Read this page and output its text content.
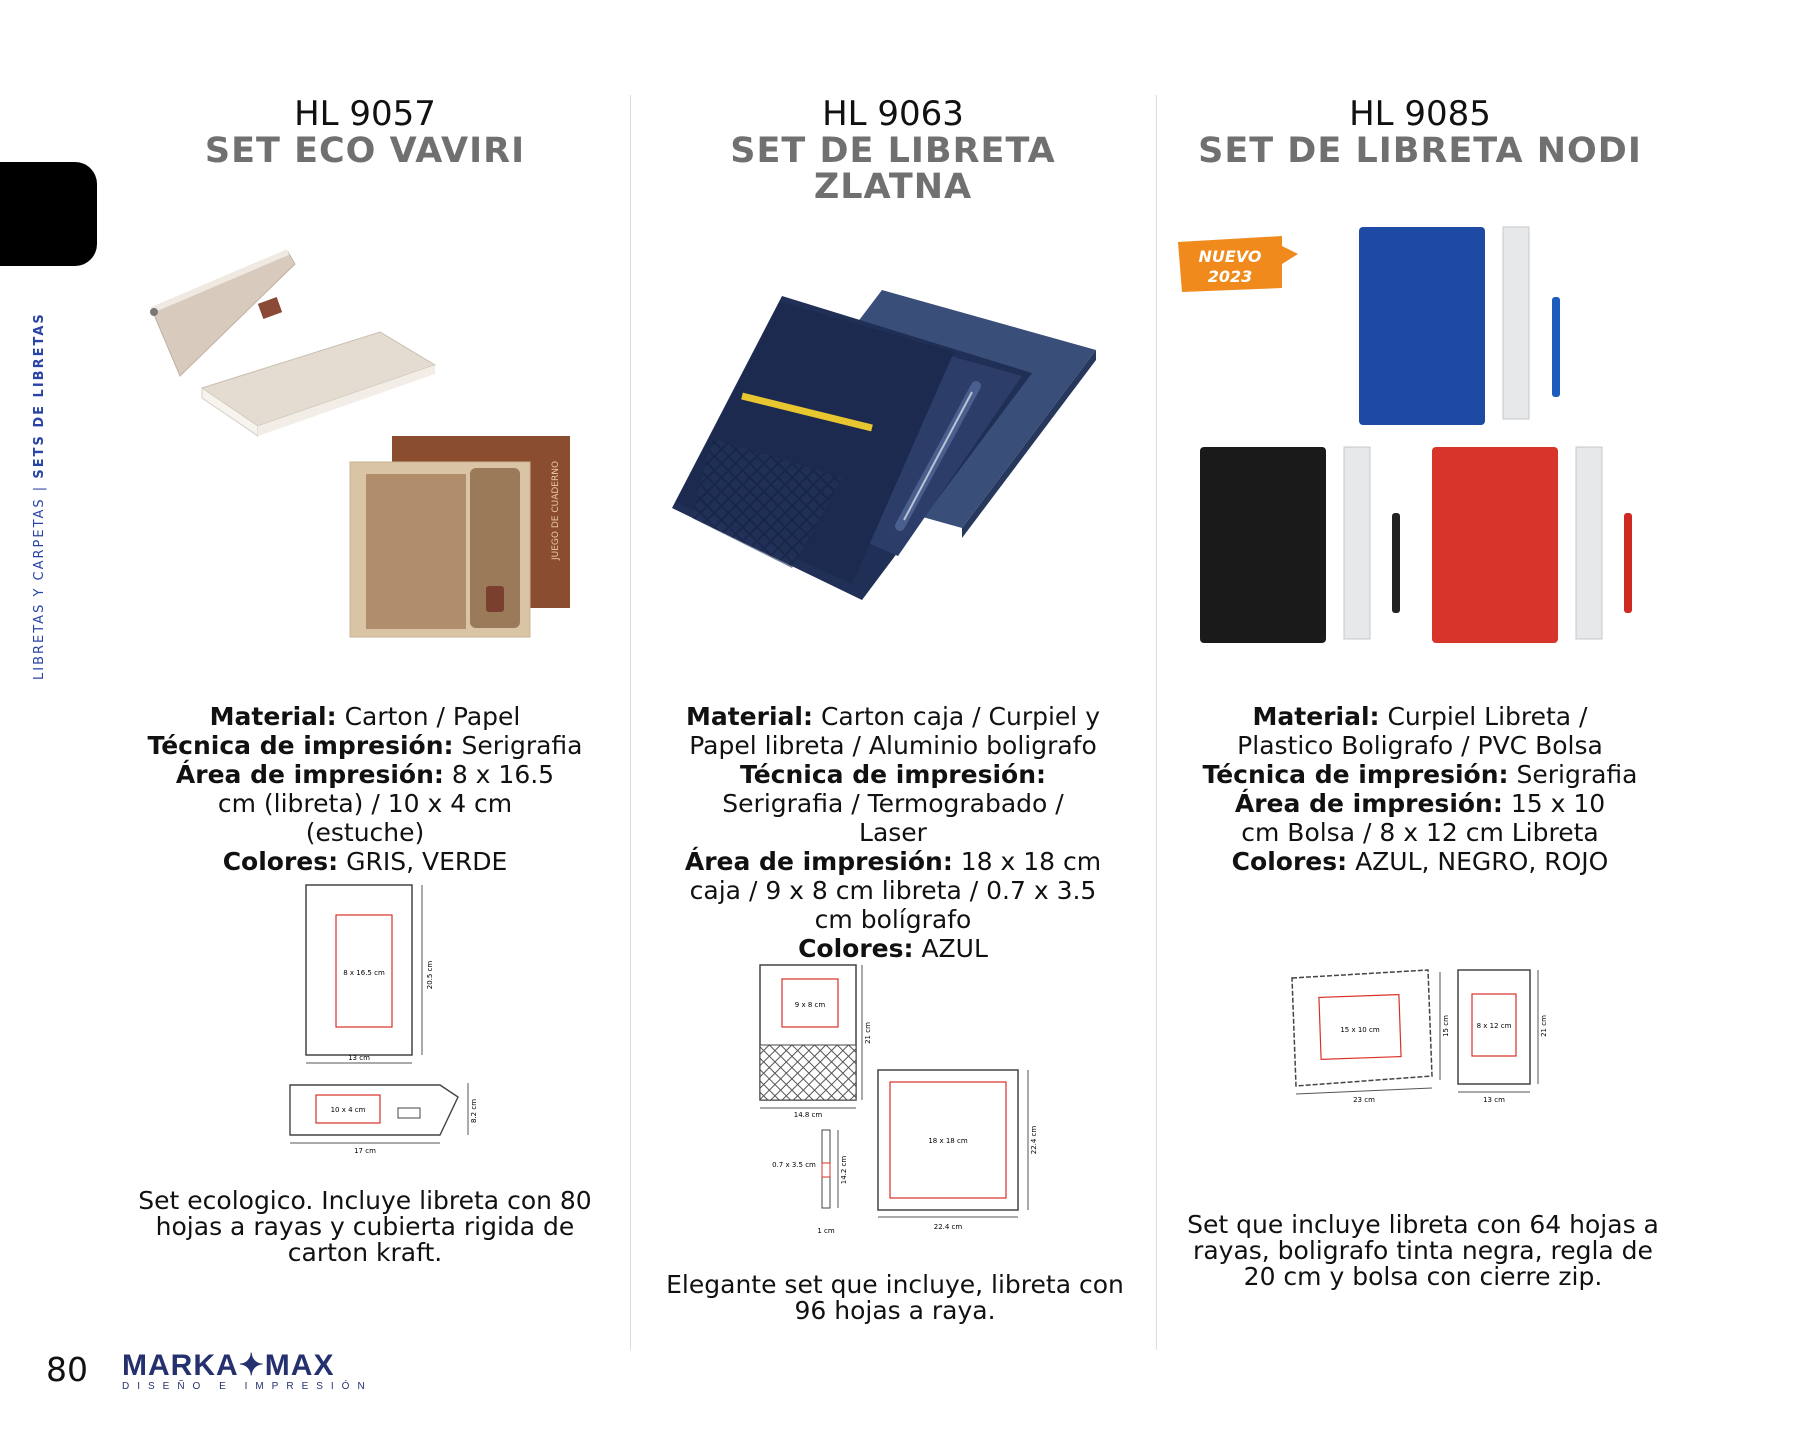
LIBRETAS Y CARPETAS | SETS DE LIBRETAS
HL 9057
SET ECO VAVIRI
JUEGO DE CUADERNO
Material: Carton / Papel
Técnica de impresión: Serigrafia
Área de impresión: 8 x 16.5 cm (libreta) / 10 x 4 cm (estuche)
Colores: GRIS, VERDE
8 x 16.5 cm	20.5 cm
13 cm
10 x 4 cm	8.2 cm
17 cm
Set ecologico. Incluye libreta con 80 hojas a rayas y cubierta rigida de carton kraft.
HL 9063
SET DE LIBRETA ZLATNA
Material: Carton caja / Curpiel y Papel libreta / Aluminio boligrafo
Técnica de impresión: Serigrafia / Termograbado / Laser
Área de impresión: 18 x 18 cm caja / 9 x 8 cm libreta / 0.7 x 3.5 cm bolígrafo
Colores: AZUL
9 x 8 cm
21 cm
14.8 cm
18 x 18 cm	22.4 cm
22.4 cm
0.7 x 3.5 cm	14.2 cm
1 cm
Elegante set que incluye, libreta con 96 hojas a raya.
HL 9085
SET DE LIBRETA NODI
NUEVO
2023
Material: Curpiel Libreta / Plastico Boligrafo / PVC Bolsa
Técnica de impresión: Serigrafia
Área de impresión: 15 x 10 cm Bolsa / 8 x 12 cm Libreta
Colores: AZUL, NEGRO, ROJO
15 x 10 cm	15 cm
23 cm
8 x 12 cm	21 cm
13 cm
Set que incluye libreta con 64 hojas a rayas, boligrafo tinta negra, regla de 20 cm y bolsa con cierre zip.
80 MARKA✦MAX
DISEÑO E IMPRESIÓN
